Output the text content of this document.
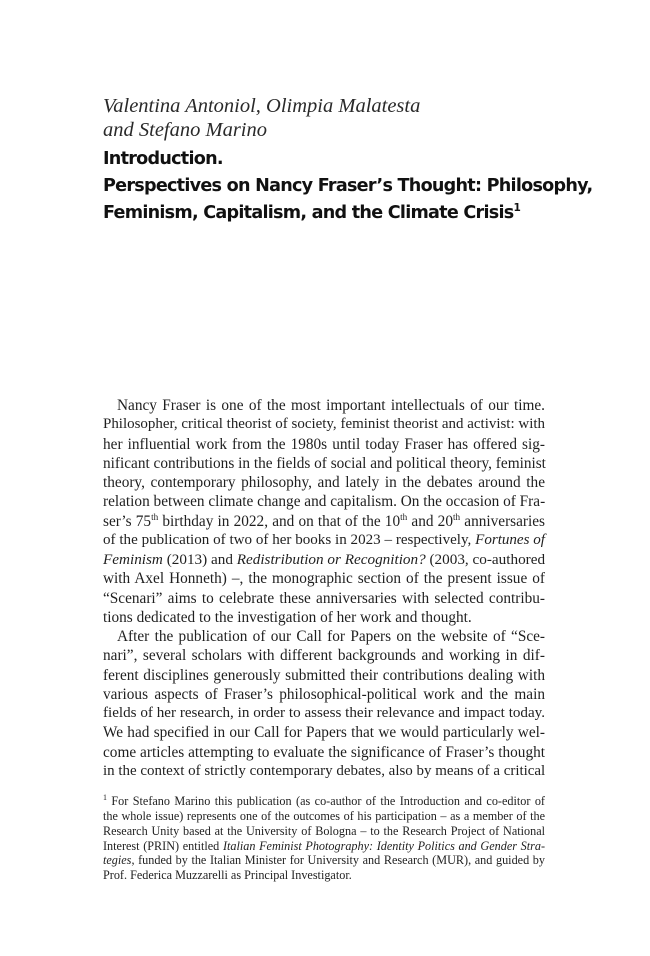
Valentina Antoniol, Olimpia Malatesta
and Stefano Marino
Introduction.
Perspectives on Nancy Fraser’s Thought: Philosophy,
Feminism, Capitalism, and the Climate Crisis$^1$
Nancy Fraser is one of the most important intellectuals of our time.
Philosopher, critical theorist of society, feminist theorist and activist: with
her influential work from the 1980s until today Fraser has offered sig-
nificant contributions in the fields of social and political theory, feminist
theory, contemporary philosophy, and lately in the debates around the
relation between climate change and capitalism. On the occasion of Fra-
ser’s 75th birthday in 2022, and on that of the 10th and 20th anniversaries
of the publication of two of her books in 2023 – respectively, Fortunes of
Feminism (2013) and Redistribution or Recognition? (2003, co-authored
with Axel Honneth) –, the monographic section of the present issue of
“Scenari” aims to celebrate these anniversaries with selected contribu-
tions dedicated to the investigation of her work and thought.
After the publication of our Call for Papers on the website of “Sce-
nari”, several scholars with different backgrounds and working in dif-
ferent disciplines generously submitted their contributions dealing with
various aspects of Fraser’s philosophical-political work and the main
fields of her research, in order to assess their relevance and impact today.
We had specified in our Call for Papers that we would particularly wel-
come articles attempting to evaluate the significance of Fraser’s thought
in the context of strictly contemporary debates, also by means of a critical
$^1$ For Stefano Marino this publication (as co-author of the Introduction and co-editor of
the whole issue) represents one of the outcomes of his participation – as a member of the
Research Unity based at the University of Bologna – to the Research Project of National
Interest (PRIN) entitled Italian Feminist Photography: Identity Politics and Gender Stra-
tegies, funded by the Italian Minister for University and Research (MUR), and guided by
Prof. Federica Muzzarelli as Principal Investigator.
